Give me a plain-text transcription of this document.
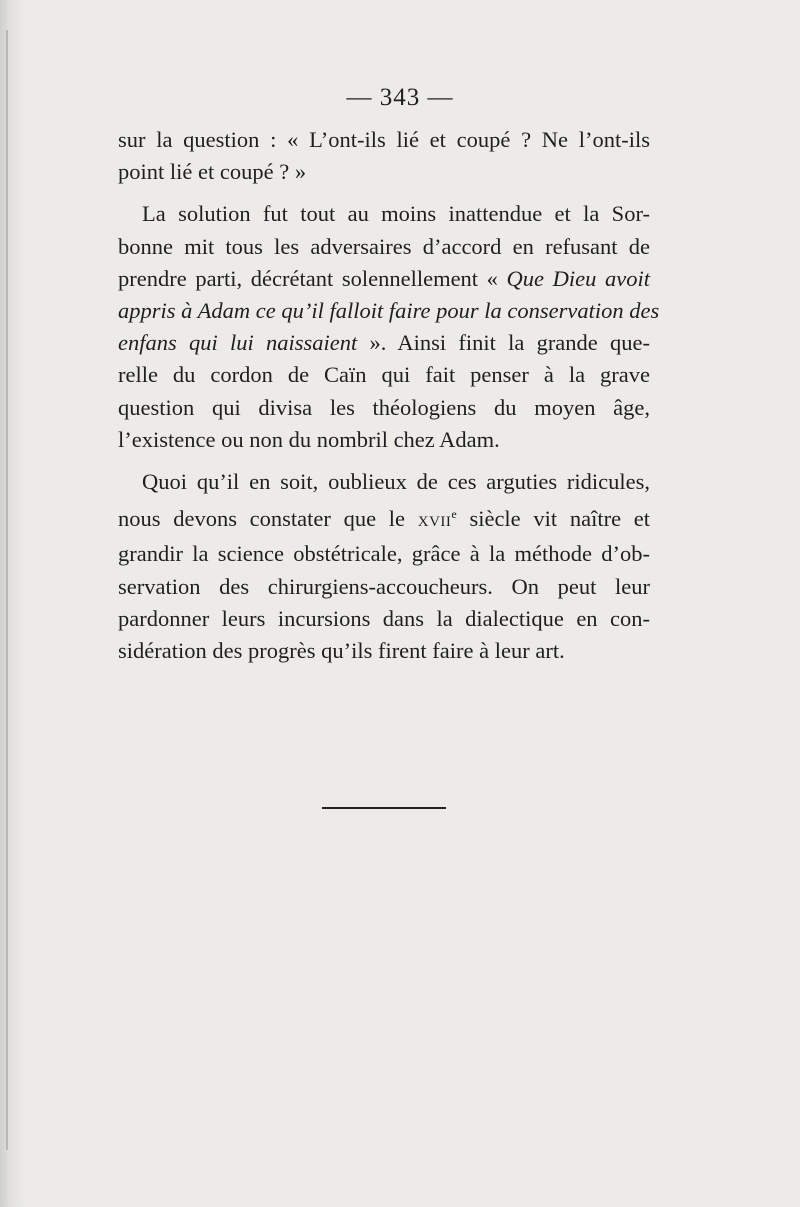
— 343 —
sur la question : « L’ont-ils lié et coupé ? Ne l’ont-ils
point lié et coupé ? »
La solution fut tout au moins inattendue et la Sor-
bonne mit tous les adversaires d’accord en refusant de
prendre parti, décrétant solennellement « Que Dieu avoit
appris à Adam ce qu’il falloit faire pour la conservation des
enfans qui lui naissaient ». Ainsi finit la grande que-
relle du cordon de Caïn qui fait penser à la grave
question qui divisa les théologiens du moyen âge,
l’existence ou non du nombril chez Adam.
Quoi qu’il en soit, oublieux de ces arguties ridicules,
nous devons constater que le XVIIe siècle vit naître et
grandir la science obstétricale, grâce à la méthode d’ob-
servation des chirurgiens-accoucheurs. On peut leur
pardonner leurs incursions dans la dialectique en con-
sidération des progrès qu’ils firent faire à leur art.
